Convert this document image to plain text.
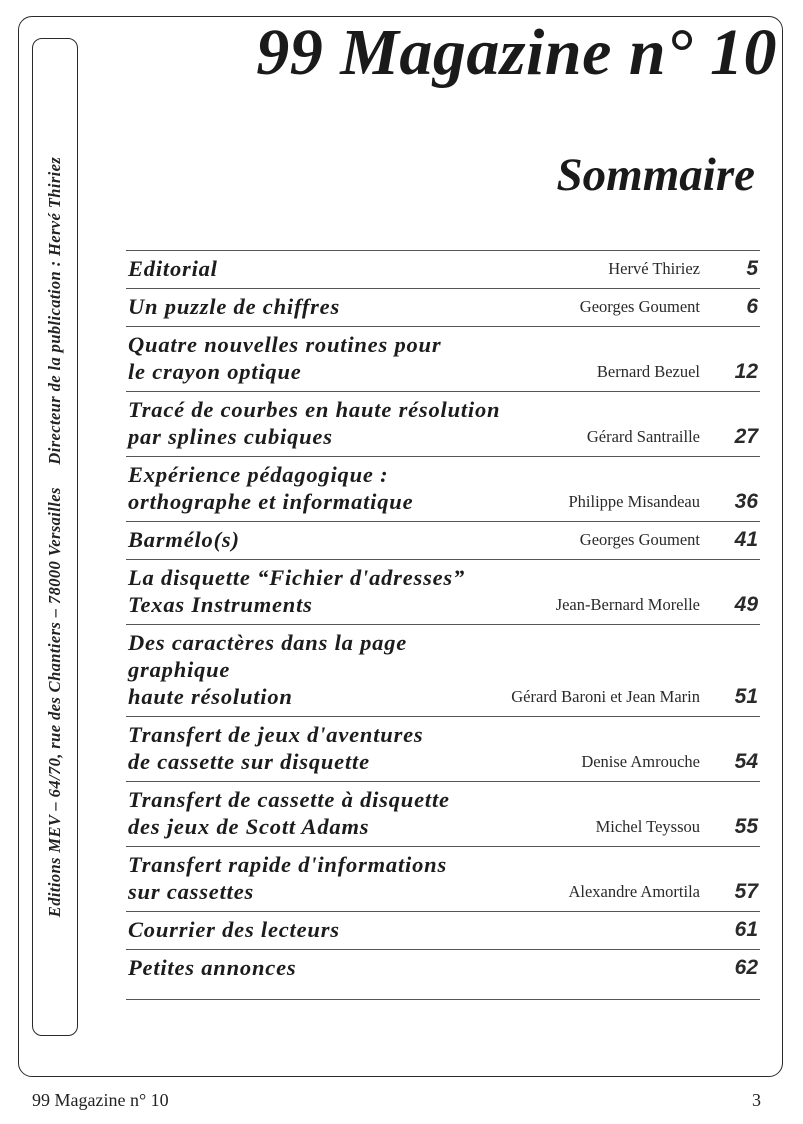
Editions MEV – 64/70, rue des Chantiers – 78000 Versailles     Directeur de la publication : Hervé Thiriez
99 Magazine n° 10
Sommaire
Editorial	Hervé Thiriez	5
Un puzzle de chiffres	Georges Goument	6
Quatre nouvelles routines pour
le crayon optique	Bernard Bezuel	12
Tracé de courbes en haute résolution
par splines cubiques	Gérard Santraille	27
Expérience pédagogique :
orthographe et informatique	Philippe Misandeau	36
Barmélo(s)	Georges Goument	41
La disquette “Fichier d'adresses”
Texas Instruments	Jean-Bernard Morelle	49
Des caractères dans la page graphique
haute résolution	Gérard Baroni et Jean Marin	51
Transfert de jeux d'aventures
de cassette sur disquette	Denise Amrouche	54
Transfert de cassette à disquette
des jeux de Scott Adams	Michel Teyssou	55
Transfert rapide d'informations
sur cassettes	Alexandre Amortila	57
Courrier des lecteurs	61
Petites annonces	62
99 Magazine n° 10	3
